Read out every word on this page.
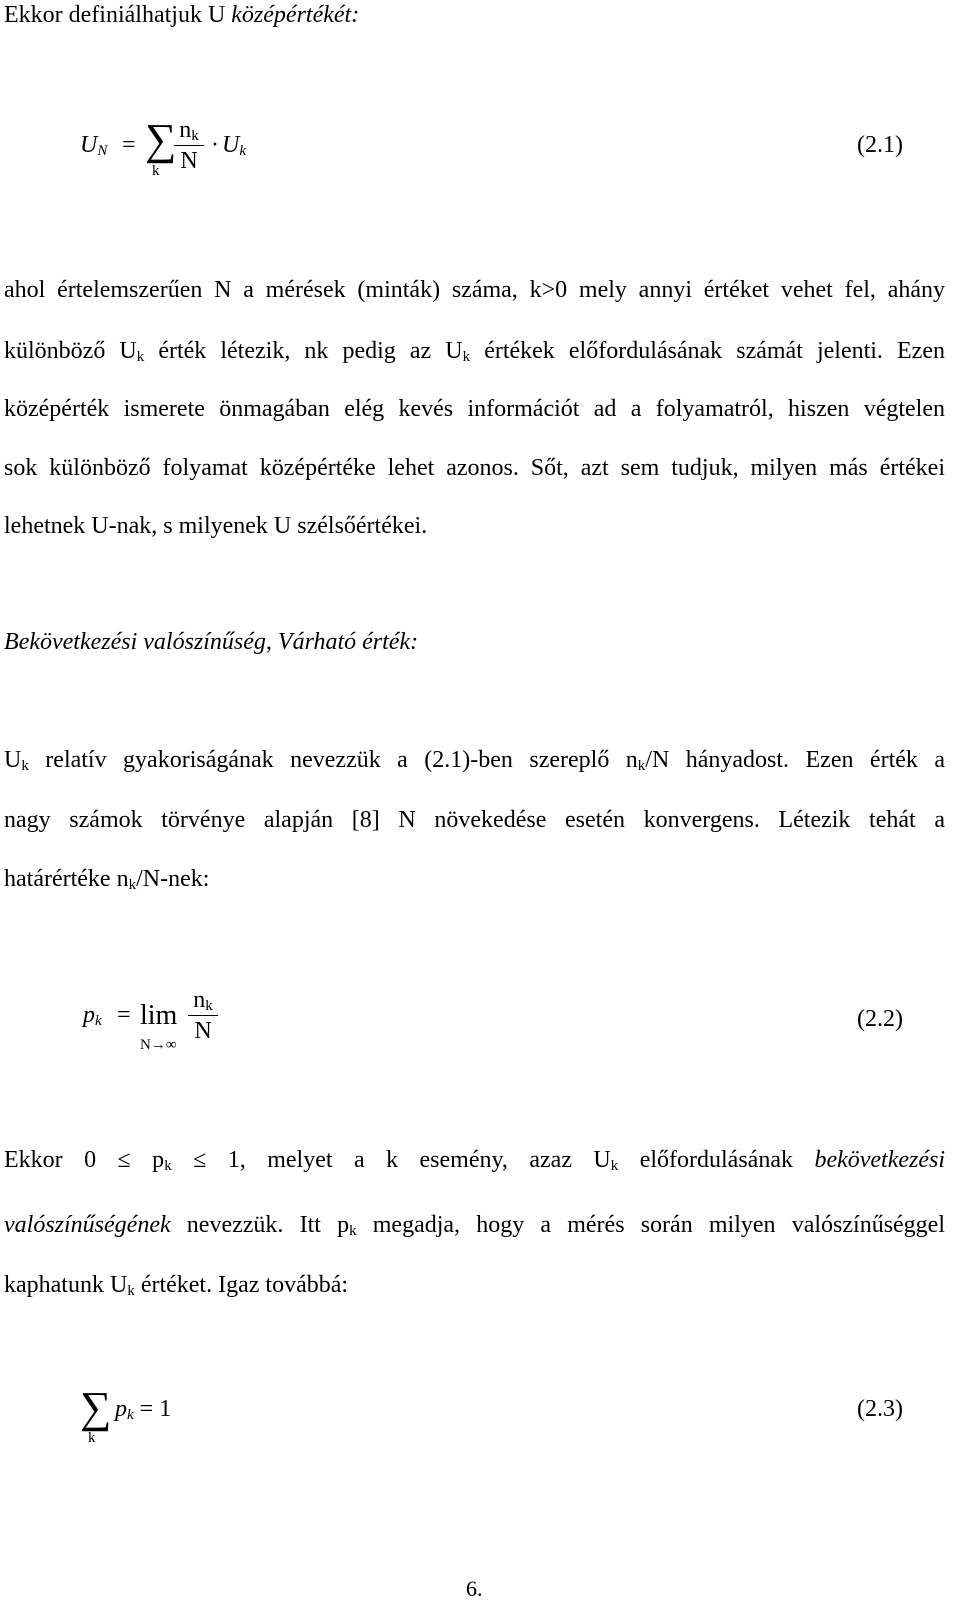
Ekkor definiálhatjuk U középértékét:
$U_N$ = ∑
k
$n_k$
N
· $U_k$	(2.1)
ahol értelemszerűen N a mérések (minták) száma, k>0 mely annyi értéket vehet fel, ahány
különböző $U_k$ érték létezik, nk pedig az $U_k$ értékek előfordulásának számát jelenti. Ezen
középérték ismerete önmagában elég kevés információt ad a folyamatról, hiszen végtelen
sok különböző folyamat középértéke lehet azonos. Sőt, azt sem tudjuk, milyen más értékei
lehetnek U-nak, s milyenek U szélsőértékei.
Bekövetkezési valószínűség, Várható érték:
$U_k$ relatív gyakoriságának nevezzük a (2.1)-ben szereplő $n_k/N$ hányadost. Ezen érték a
nagy számok törvénye alapján [8] N növekedése esetén konvergens. Létezik tehát a
határértéke $n_k/N$-nek:
$p_k = \lim$
N→∞
$n_k$
N	(2.2)
Ekkor $0 \le p_k \le 1$, melyet a k esemény, azaz $U_k$ előfordulásának bekövetkezési
valószínűségének nevezzük. Itt $p_k$ megadja, hogy a mérés során milyen valószínűséggel
kaphatunk $U_k$ értéket. Igaz továbbá:
∑
k
$p_k = 1$	(2.3)
6.
